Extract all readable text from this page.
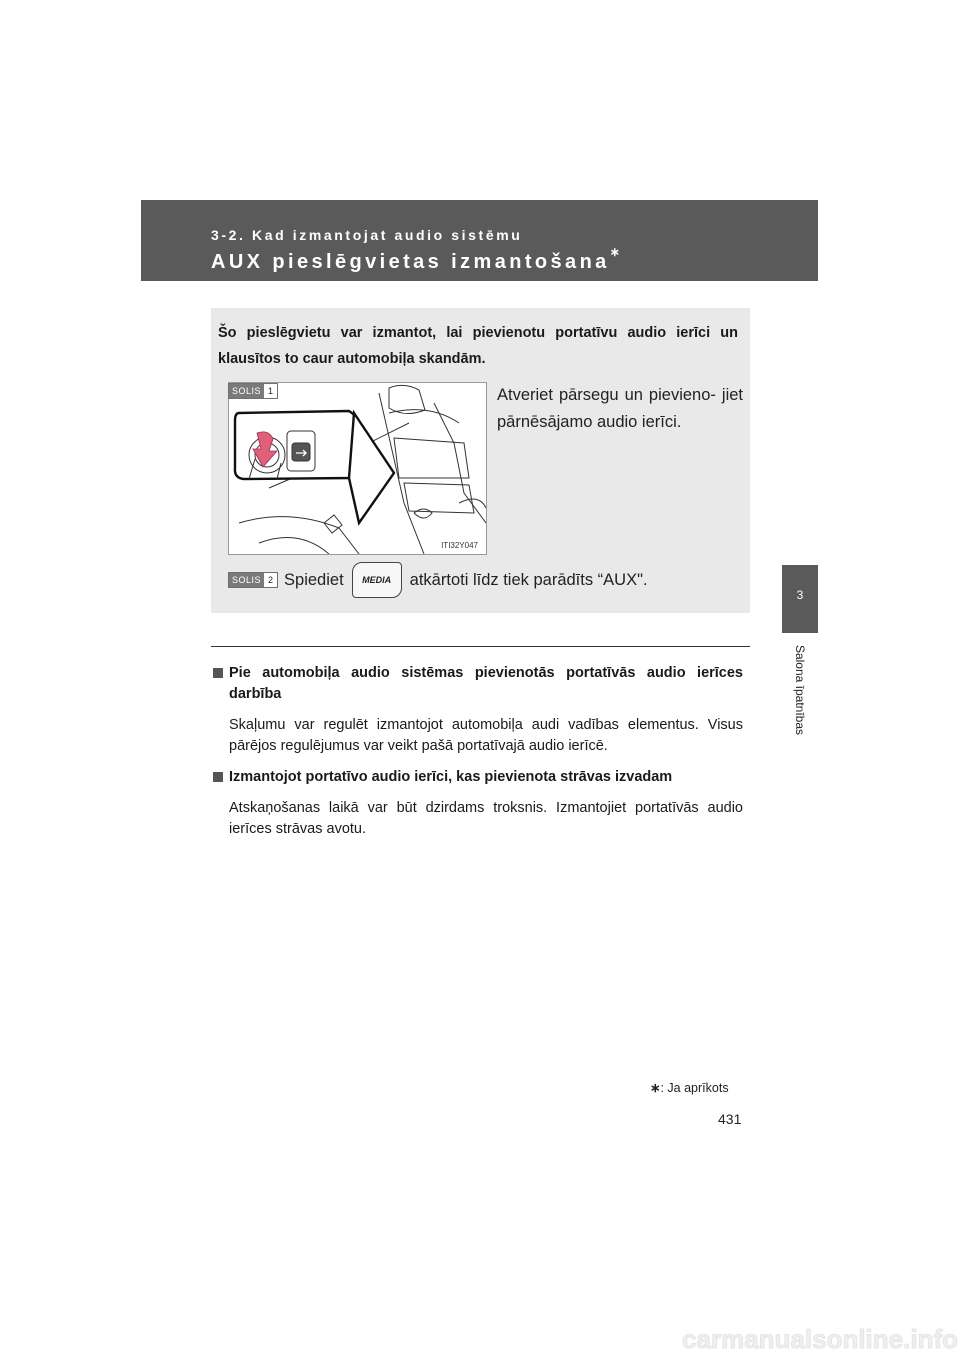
3-2. Kad izmantojat audio sistēmu
AUX pieslēgvietas izmantošana∗
3
Salona īpatnības
Šo pieslēgvietu var izmantot, lai pievienotu portatīvu audio ierīci un klausītos to caur automobiļa skandām.
SOLIS 1
ITI32Y047
Atveriet pārsegu un pievieno- jiet pārnēsājamo audio ierīci.
SOLIS 2 Spiediet MEDIA atkārtoti līdz tiek parādīts “AUX".

Pie automobiļa audio sistēmas pievienotās portatīvās audio ierīces darbība

Skaļumu var regulēt izmantojot automobiļa audi vadības elementus. Visus pārējos regulējumus var veikt pašā portatīvajā audio ierīcē.

Izmantojot portatīvo audio ierīci, kas pievienota strāvas izvadam

Atskaņošanas laikā var būt dzirdams troksnis. Izmantojiet portatīvās audio ierīces strāvas avotu.

∗: Ja aprīkots
431
carmanualsonline.info
